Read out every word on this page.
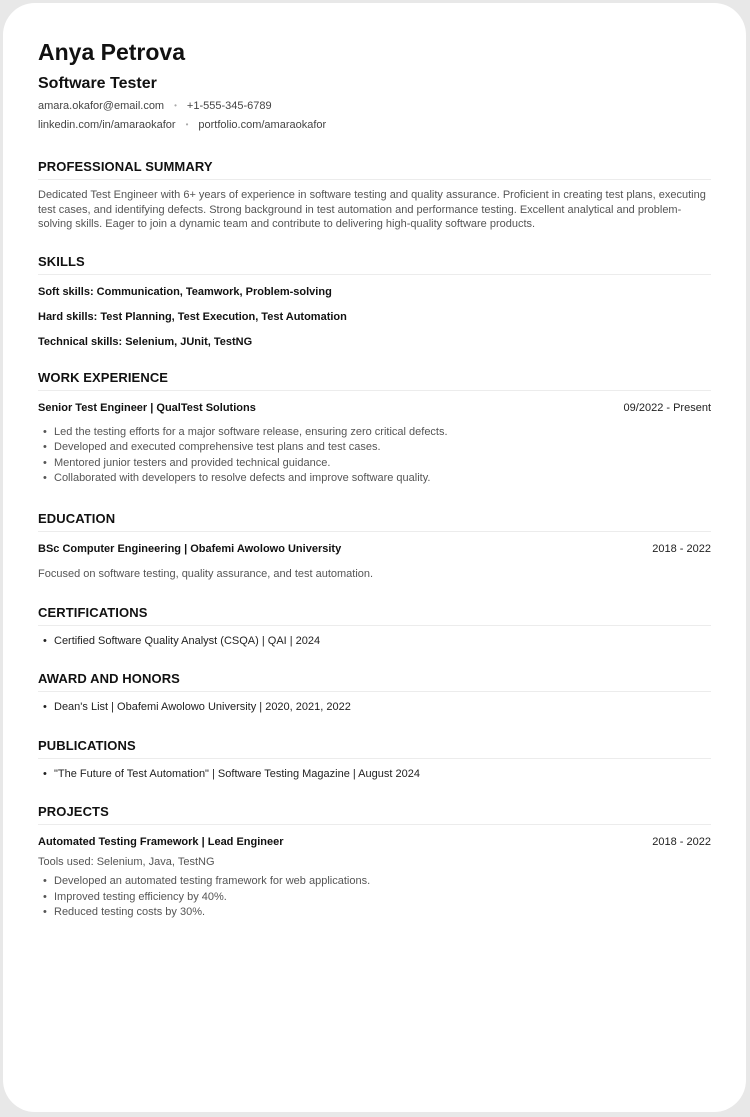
Anya Petrova
Software Tester
amara.okafor@email.com • +1-555-345-6789
linkedin.com/in/amaraokafor • portfolio.com/amaraokafor
PROFESSIONAL SUMMARY
Dedicated Test Engineer with 6+ years of experience in software testing and quality assurance. Proficient in creating test plans, executing test cases, and identifying defects. Strong background in test automation and performance testing. Excellent analytical and problem-solving skills. Eager to join a dynamic team and contribute to delivering high-quality software products.
SKILLS
Soft skills: Communication, Teamwork, Problem-solving
Hard skills: Test Planning, Test Execution, Test Automation
Technical skills: Selenium, JUnit, TestNG
WORK EXPERIENCE
Senior Test Engineer | QualTest Solutions	09/2022 - Present
• Led the testing efforts for a major software release, ensuring zero critical defects.
• Developed and executed comprehensive test plans and test cases.
• Mentored junior testers and provided technical guidance.
• Collaborated with developers to resolve defects and improve software quality.
EDUCATION
BSc Computer Engineering | Obafemi Awolowo University	2018 - 2022
Focused on software testing, quality assurance, and test automation.
CERTIFICATIONS
• Certified Software Quality Analyst (CSQA) | QAI | 2024
AWARD AND HONORS
• Dean's List | Obafemi Awolowo University | 2020, 2021, 2022
PUBLICATIONS
• "The Future of Test Automation" | Software Testing Magazine | August 2024
PROJECTS
Automated Testing Framework | Lead Engineer	2018 - 2022
Tools used: Selenium, Java, TestNG
• Developed an automated testing framework for web applications.
• Improved testing efficiency by 40%.
• Reduced testing costs by 30%.
